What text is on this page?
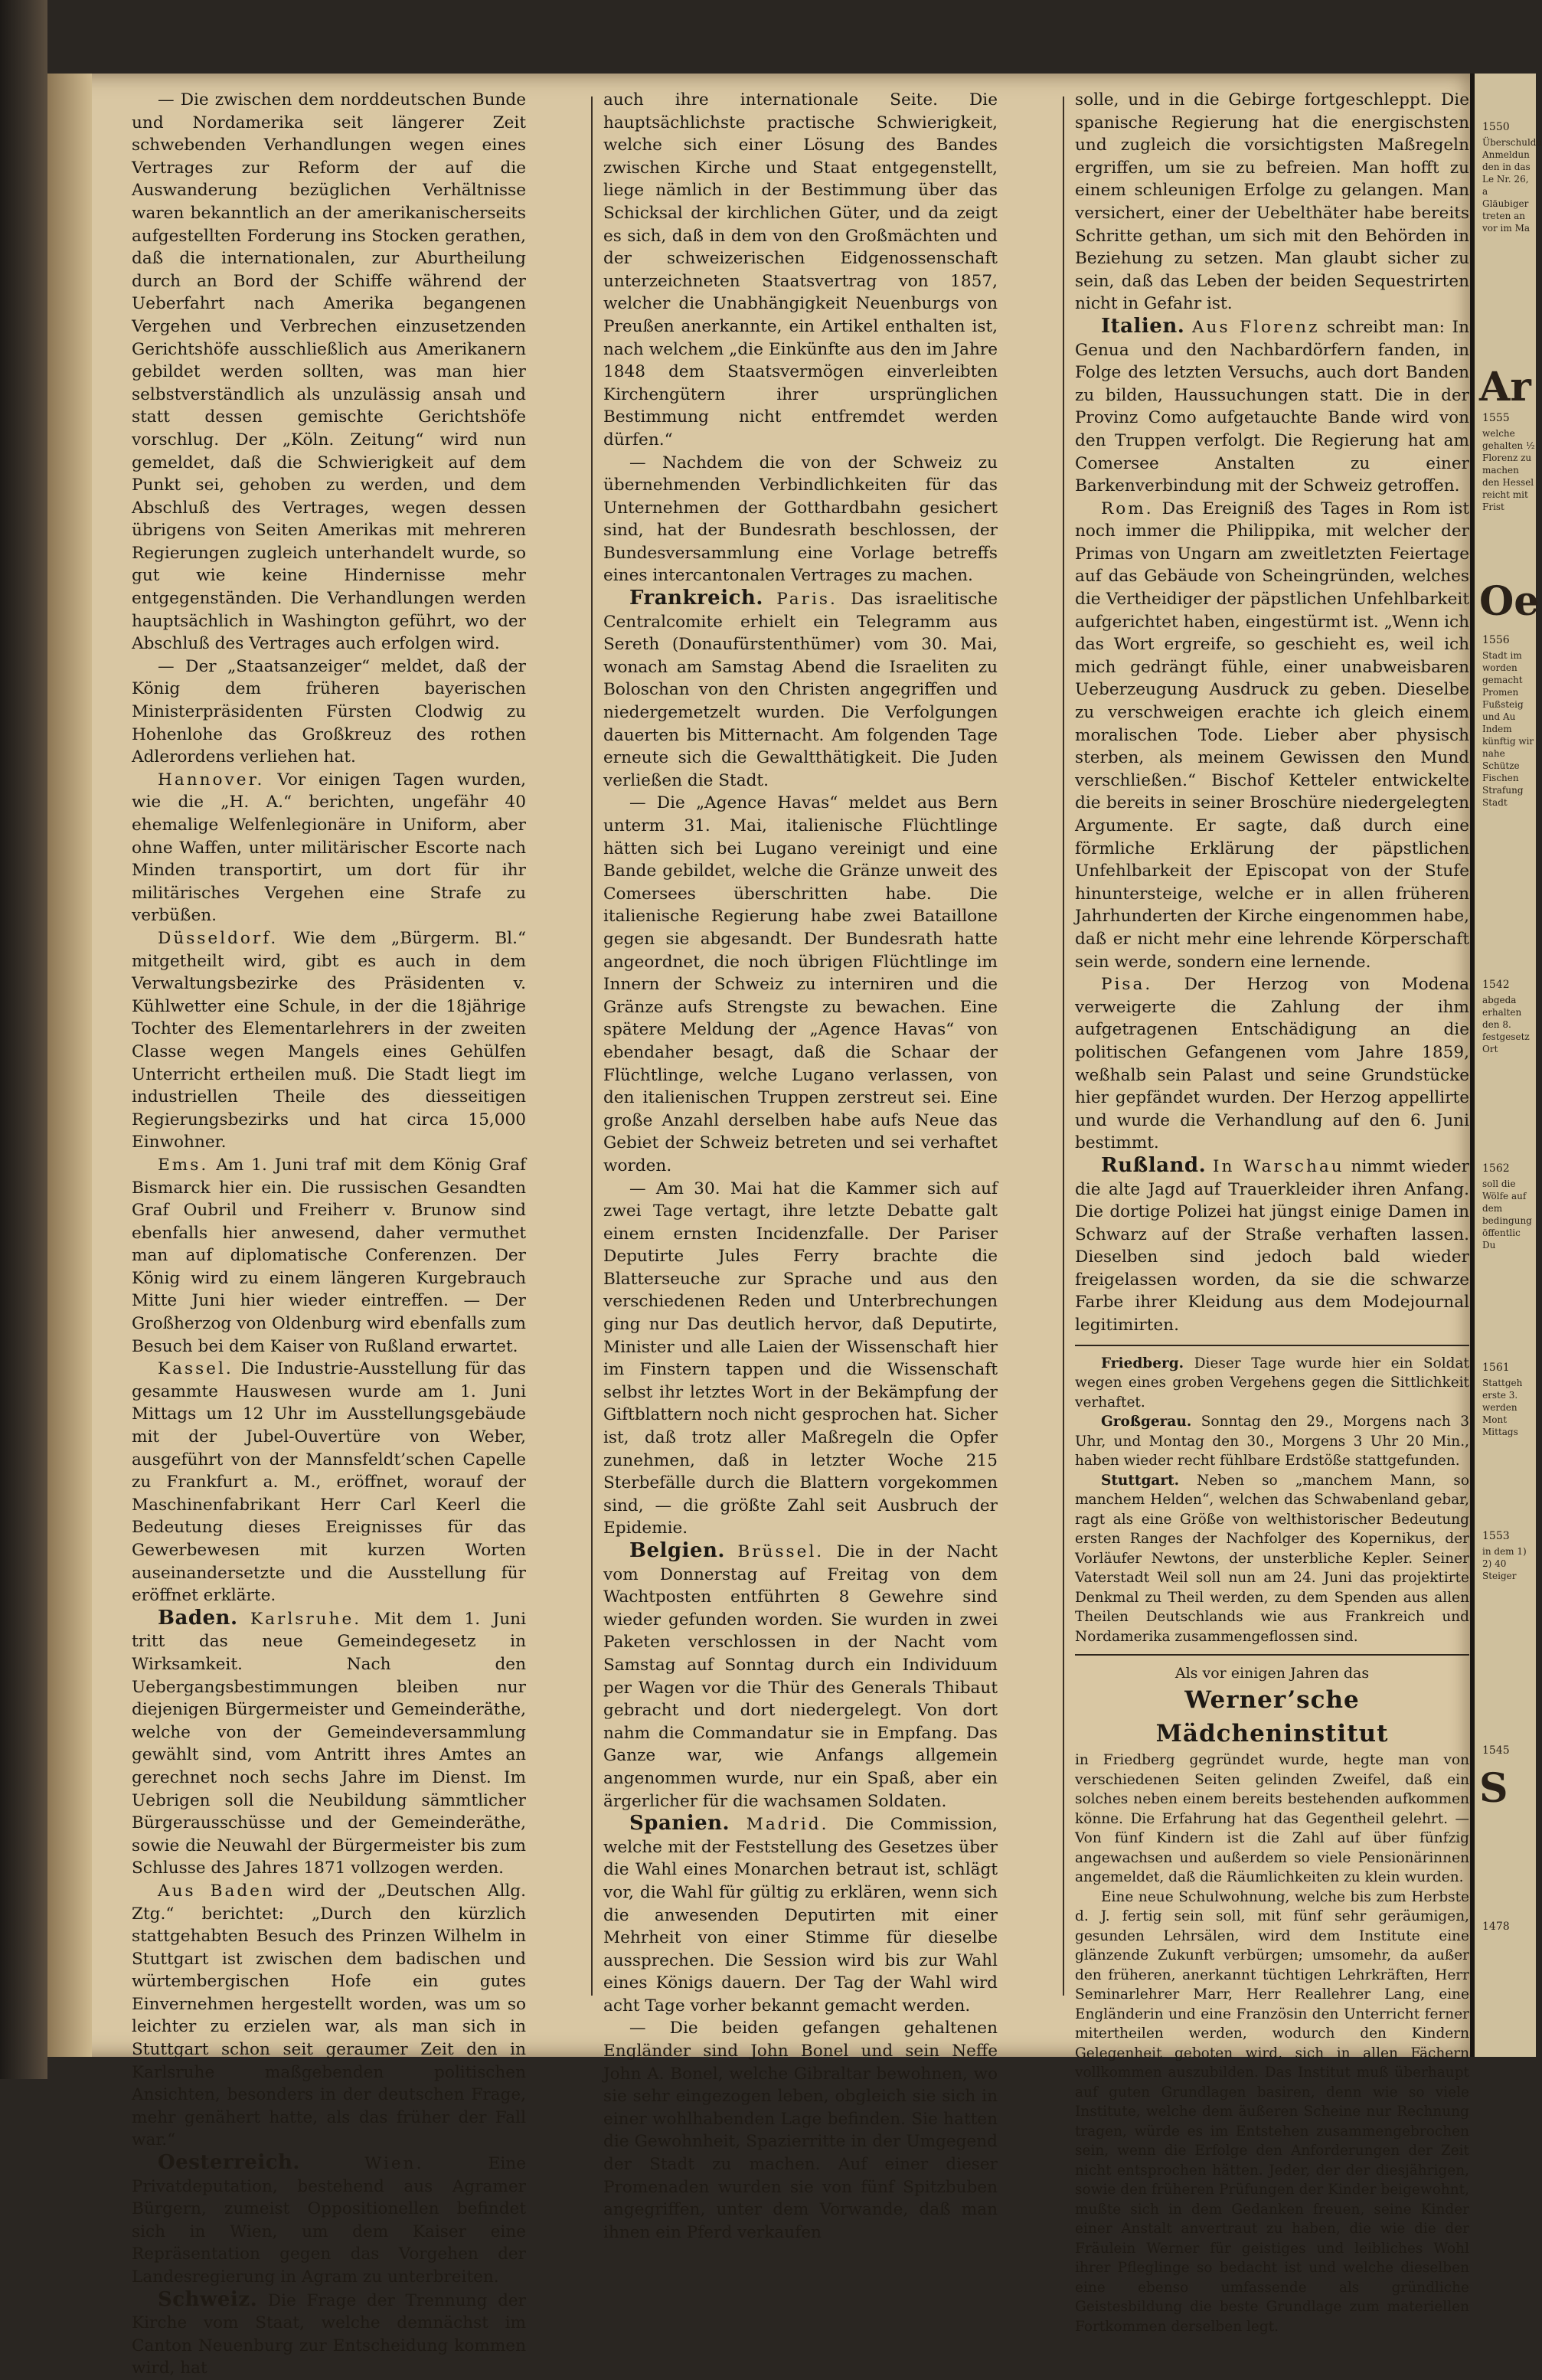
— Die zwischen dem norddeutschen Bunde und Nordamerika seit längerer Zeit schwebenden Verhandlungen wegen eines Vertrages zur Reform der auf die Auswanderung bezüglichen Verhältnisse waren bekanntlich an der amerikanischerseits aufgestellten Forderung ins Stocken gerathen, daß die internationalen, zur Aburtheilung durch an Bord der Schiffe während der Ueberfahrt nach Amerika begangenen Vergehen und Verbrechen einzusetzenden Gerichtshöfe ausschließlich aus Amerikanern gebildet werden sollten, was man hier selbstverständlich als unzulässig ansah und statt dessen gemischte Gerichtshöfe vorschlug. Der „Köln. Zeitung“ wird nun gemeldet, daß die Schwierigkeit auf dem Punkt sei, gehoben zu werden, und dem Abschluß des Vertrages, wegen dessen übrigens von Seiten Amerikas mit mehreren Regierungen zugleich unterhandelt wurde, so gut wie keine Hindernisse mehr entgegenständen. Die Verhandlungen werden hauptsächlich in Washington geführt, wo der Abschluß des Vertrages auch erfolgen wird.

— Der „Staatsanzeiger“ meldet, daß der König dem früheren bayerischen Ministerpräsidenten Fürsten Clodwig zu Hohenlohe das Großkreuz des rothen Adlerordens verliehen hat.

Hannover. Vor einigen Tagen wurden, wie die „H. A.“ berichten, ungefähr 40 ehemalige Welfenlegionäre in Uniform, aber ohne Waffen, unter militärischer Escorte nach Minden transportirt, um dort für ihr militärisches Vergehen eine Strafe zu verbüßen.

Düsseldorf. Wie dem „Bürgerm. Bl.“ mitgetheilt wird, gibt es auch in dem Verwaltungsbezirke des Präsidenten v. Kühlwetter eine Schule, in der die 18jährige Tochter des Elementarlehrers in der zweiten Classe wegen Mangels eines Gehülfen Unterricht ertheilen muß. Die Stadt liegt im industriellen Theile des diesseitigen Regierungsbezirks und hat circa 15,000 Einwohner.

Ems. Am 1. Juni traf mit dem König Graf Bismarck hier ein. Die russischen Gesandten Graf Oubril und Freiherr v. Brunow sind ebenfalls hier anwesend, daher vermuthet man auf diplomatische Conferenzen. Der König wird zu einem längeren Kurgebrauch Mitte Juni hier wieder eintreffen. — Der Großherzog von Oldenburg wird ebenfalls zum Besuch bei dem Kaiser von Rußland erwartet.

Kassel. Die Industrie-Ausstellung für das gesammte Hauswesen wurde am 1. Juni Mittags um 12 Uhr im Ausstellungsgebäude mit der Jubel-Ouvertüre von Weber, ausgeführt von der Mannsfeldt’schen Capelle zu Frankfurt a. M., eröffnet, worauf der Maschinenfabrikant Herr Carl Keerl die Bedeutung dieses Ereignisses für das Gewerbewesen mit kurzen Worten auseinandersetzte und die Ausstellung für eröffnet erklärte.

Baden. Karlsruhe. Mit dem 1. Juni tritt das neue Gemeindegesetz in Wirksamkeit. Nach den Uebergangsbestimmungen bleiben nur diejenigen Bürgermeister und Gemeinderäthe, welche von der Gemeindeversammlung gewählt sind, vom Antritt ihres Amtes an gerechnet noch sechs Jahre im Dienst. Im Uebrigen soll die Neubildung sämmtlicher Bürgerausschüsse und der Gemeinderäthe, sowie die Neuwahl der Bürgermeister bis zum Schlusse des Jahres 1871 vollzogen werden.

Aus Baden wird der „Deutschen Allg. Ztg.“ berichtet: „Durch den kürzlich stattgehabten Besuch des Prinzen Wilhelm in Stuttgart ist zwischen dem badischen und würtembergischen Hofe ein gutes Einvernehmen hergestellt worden, was um so leichter zu erzielen war, als man sich in Stuttgart schon seit geraumer Zeit den in Karlsruhe maßgebenden politischen Ansichten, besonders in der deutschen Frage, mehr genähert hatte, als das früher der Fall war.“

Oesterreich.	Wien.	Eine Privatdeputation, bestehend aus Agramer Bürgern, zumeist Oppositionellen befindet sich in Wien, um dem Kaiser eine Repräsentation gegen das Vorgehen der Landesregierung in Agram zu unterbreiten.

Schweiz. Die Frage der Trennung der Kirche vom Staat, welche demnächst im Canton Neuenburg zur Entscheidung kommen wird, hat

auch ihre internationale Seite. Die hauptsächlichste practische Schwierigkeit, welche sich einer Lösung des Bandes zwischen Kirche und Staat entgegenstellt, liege nämlich in der Bestimmung über das Schicksal der kirchlichen Güter, und da zeigt es sich, daß in dem von den Großmächten und der schweizerischen Eidgenossenschaft unterzeichneten Staatsvertrag von 1857, welcher die Unabhängigkeit Neuenburgs von Preußen anerkannte, ein Artikel enthalten ist, nach welchem „die Einkünfte aus den im Jahre 1848 dem Staatsvermögen einverleibten Kirchengütern ihrer ursprünglichen Bestimmung nicht entfremdet werden dürfen.“

— Nachdem die von der Schweiz zu übernehmenden Verbindlichkeiten für das Unternehmen der Gotthardbahn gesichert sind, hat der Bundesrath beschlossen, der Bundesversammlung eine Vorlage betreffs eines intercantonalen Vertrages zu machen.

Frankreich. Paris. Das israelitische Centralcomite erhielt ein Telegramm aus Sereth (Donaufürstenthümer) vom 30. Mai, wonach am Samstag Abend die Israeliten zu Boloschan von den Christen angegriffen und niedergemetzelt wurden. Die Verfolgungen dauerten bis Mitternacht. Am folgenden Tage erneute sich die Gewaltthätigkeit. Die Juden verließen die Stadt.

— Die „Agence Havas“ meldet aus Bern unterm 31. Mai, italienische Flüchtlinge hätten sich bei Lugano vereinigt und eine Bande gebildet, welche die Gränze unweit des Comersees überschritten habe. Die italienische Regierung habe zwei Bataillone gegen sie abgesandt. Der Bundesrath hatte angeordnet, die noch übrigen Flüchtlinge im Innern der Schweiz zu interniren und die Gränze aufs Strengste zu bewachen. Eine spätere Meldung der „Agence Havas“ von ebendaher besagt, daß die Schaar der Flüchtlinge, welche Lugano verlassen, von den italienischen Truppen zerstreut sei. Eine große Anzahl derselben habe aufs Neue das Gebiet der Schweiz betreten und sei verhaftet worden.

— Am 30. Mai hat die Kammer sich auf zwei Tage vertagt, ihre letzte Debatte galt einem ernsten Incidenzfalle. Der Pariser Deputirte Jules Ferry brachte die Blatterseuche zur Sprache und aus den verschiedenen Reden und Unterbrechungen ging nur Das deutlich hervor, daß Deputirte, Minister und alle Laien der Wissenschaft hier im Finstern tappen und die Wissenschaft selbst ihr letztes Wort in der Bekämpfung der Giftblattern noch nicht gesprochen hat. Sicher ist, daß trotz aller Maßregeln die Opfer zunehmen, daß in letzter Woche 215 Sterbefälle durch die Blattern vorgekommen sind, — die größte Zahl seit Ausbruch der Epidemie.

Belgien. Brüssel. Die in der Nacht vom Donnerstag auf Freitag von dem Wachtposten entführten 8 Gewehre sind wieder gefunden worden. Sie wurden in zwei Paketen verschlossen in der Nacht vom Samstag auf Sonntag durch ein Individuum per Wagen vor die Thür des Generals Thibaut gebracht und dort niedergelegt. Von dort nahm die Commandatur sie in Empfang. Das Ganze war, wie Anfangs allgemein angenommen wurde, nur ein Spaß, aber ein ärgerlicher für die wachsamen Soldaten.

Spanien. Madrid. Die Commission, welche mit der Feststellung des Gesetzes über die Wahl eines Monarchen betraut ist, schlägt vor, die Wahl für gültig zu erklären, wenn sich die anwesenden Deputirten mit einer Mehrheit von einer Stimme für dieselbe aussprechen. Die Session wird bis zur Wahl eines Königs dauern. Der Tag der Wahl wird acht Tage vorher bekannt gemacht werden.

— Die beiden gefangen gehaltenen Engländer sind John Bonel und sein Neffe John A. Bonel, welche Gibraltar bewohnen, wo sie sehr eingezogen leben, obgleich sie sich in einer wohlhabenden Lage befinden. Sie hatten die Gewohnheit, Spazierritte in der Umgegend der Stadt zu machen. Auf einer dieser Promenaden wurden sie von fünf Spitzbuben angegriffen, unter dem Vorwande, daß man ihnen ein Pferd verkaufen

solle, und in die Gebirge fortgeschleppt. Die spanische Regierung hat die energischsten und zugleich die vorsichtigsten Maßregeln ergriffen, um sie zu befreien. Man hofft zu einem schleunigen Erfolge zu gelangen. Man versichert, einer der Uebelthäter habe bereits Schritte gethan, um sich mit den Behörden in Beziehung zu setzen. Man glaubt sicher zu sein, daß das Leben der beiden Sequestrirten nicht in Gefahr ist.

Italien. Aus Florenz schreibt man: In Genua und den Nachbardörfern fanden, in Folge des letzten Versuchs, auch dort Banden zu bilden, Haussuchungen statt. Die in der Provinz Como aufgetauchte Bande wird von den Truppen verfolgt. Die Regierung hat am Comersee Anstalten zu einer Barkenverbindung mit der Schweiz getroffen.

Rom. Das Ereigniß des Tages in Rom ist noch immer die Philippika, mit welcher der Primas von Ungarn am zweitletzten Feiertage auf das Gebäude von Scheingründen, welches die Vertheidiger der päpstlichen Unfehlbarkeit aufgerichtet haben, eingestürmt ist. „Wenn ich das Wort ergreife, so geschieht es, weil ich mich gedrängt fühle, einer unabweisbaren Ueberzeugung Ausdruck zu geben. Dieselbe zu verschweigen erachte ich gleich einem moralischen Tode. Lieber aber physisch sterben, als meinem Gewissen den Mund verschließen.“ Bischof Ketteler entwickelte die bereits in seiner Broschüre niedergelegten Argumente. Er sagte, daß durch eine förmliche Erklärung der päpstlichen Unfehlbarkeit der Episcopat von der Stufe hinuntersteige, welche er in allen früheren Jahrhunderten der Kirche eingenommen habe, daß er nicht mehr eine lehrende Körperschaft sein werde, sondern eine lernende.

Pisa. Der Herzog von Modena verweigerte die Zahlung der ihm aufgetragenen Entschädigung an die politischen Gefangenen vom Jahre 1859, weßhalb sein Palast und seine Grundstücke hier gepfändet wurden. Der Herzog appellirte und wurde die Verhandlung auf den 6. Juni bestimmt.

Rußland. In Warschau nimmt wieder die alte Jagd auf Trauerkleider ihren Anfang. Die dortige Polizei hat jüngst einige Damen in Schwarz auf der Straße verhaften lassen. Dieselben sind jedoch bald wieder freigelassen worden, da sie die schwarze Farbe ihrer Kleidung aus dem Modejournal legitimirten.

Friedberg. Dieser Tage wurde hier ein Soldat wegen eines groben Vergehens gegen die Sittlichkeit verhaftet.

Großgerau. Sonntag den 29., Morgens nach 3 Uhr, und Montag den 30., Morgens 3 Uhr 20 Min., haben wieder recht fühlbare Erdstöße stattgefunden.

Stuttgart. Neben so „manchem Mann, so manchem Helden“, welchen das Schwabenland gebar, ragt als eine Größe von welthistorischer Bedeutung ersten Ranges der Nachfolger des Kopernikus, der Vorläufer Newtons, der unsterbliche Kepler. Seiner Vaterstadt Weil soll nun am 24. Juni das projektirte Denkmal zu Theil werden, zu dem Spenden aus allen Theilen Deutschlands wie aus Frankreich und Nordamerika zusammengeflossen sind.

Als vor einigen Jahren das
Werner’sche Mädcheninstitut

in Friedberg gegründet wurde, hegte man von verschiedenen Seiten gelinden Zweifel, daß ein solches neben einem bereits bestehenden aufkommen könne. Die Erfahrung hat das Gegentheil gelehrt. — Von fünf Kindern ist die Zahl auf über fünfzig angewachsen und außerdem so viele Pensionärinnen angemeldet, daß die Räumlichkeiten zu klein wurden.

Eine neue Schulwohnung, welche bis zum Herbste d. J. fertig sein soll, mit fünf sehr geräumigen, gesunden Lehrsälen, wird dem Institute eine glänzende Zukunft verbürgen; umsomehr, da außer den früheren, anerkannt tüchtigen Lehrkräften, Herr Seminarlehrer Marr, Herr Reallehrer Lang, eine Engländerin und eine Französin den Unterricht ferner mitertheilen werden, wodurch den Kindern Gelegenheit geboten wird, sich in allen Fächern vollkommen auszubilden. Das Institut muß überhaupt auf guten Grundlagen basiren, denn wie so viele Institute, welche dem äußeren Scheine nur Rechnung tragen, würde es im Entstehen zusammengebrochen sein, wenn die Erfolge den Anforderungen der Zeit nicht entsprochen hätten. Jeder, der der diesjährigen, sowie den früheren Prüfungen der Kinder beigewohnt, mußte sich in dem Gedanken freuen, seine Kinder einer Anstalt anvertraut zu haben, die wie die der Fräulein Werner für geistiges und leibliches Wohl ihrer Pfleglinge so bedacht ist und welche dieselben eine ebenso umfassende als gründliche Geistesbildung die beste Grundlage zum materiellen Fortkommen derselben legt.

1550
Überschuldu Anmeldun den in das Le Nr. 26, a Gläubiger treten an vor im Ma
Ar
1555
welche gehalten ½ Florenz zu machen den Hessel reicht mit Frist
Oe
1556
Stadt im worden gemacht Promen Fußsteig und Au Indem künftig wir nahe Schütze Fischen Strafung Stadt
1542
abgeda erhalten den 8. festgesetz Ort
1562
soll die Wölfe auf dem bedingung öffentlic Du
1561
Stattgeh erste 3. werden Mont Mittags
1553
in dem 1) 2) 40 Steiger
1545
S
1478
